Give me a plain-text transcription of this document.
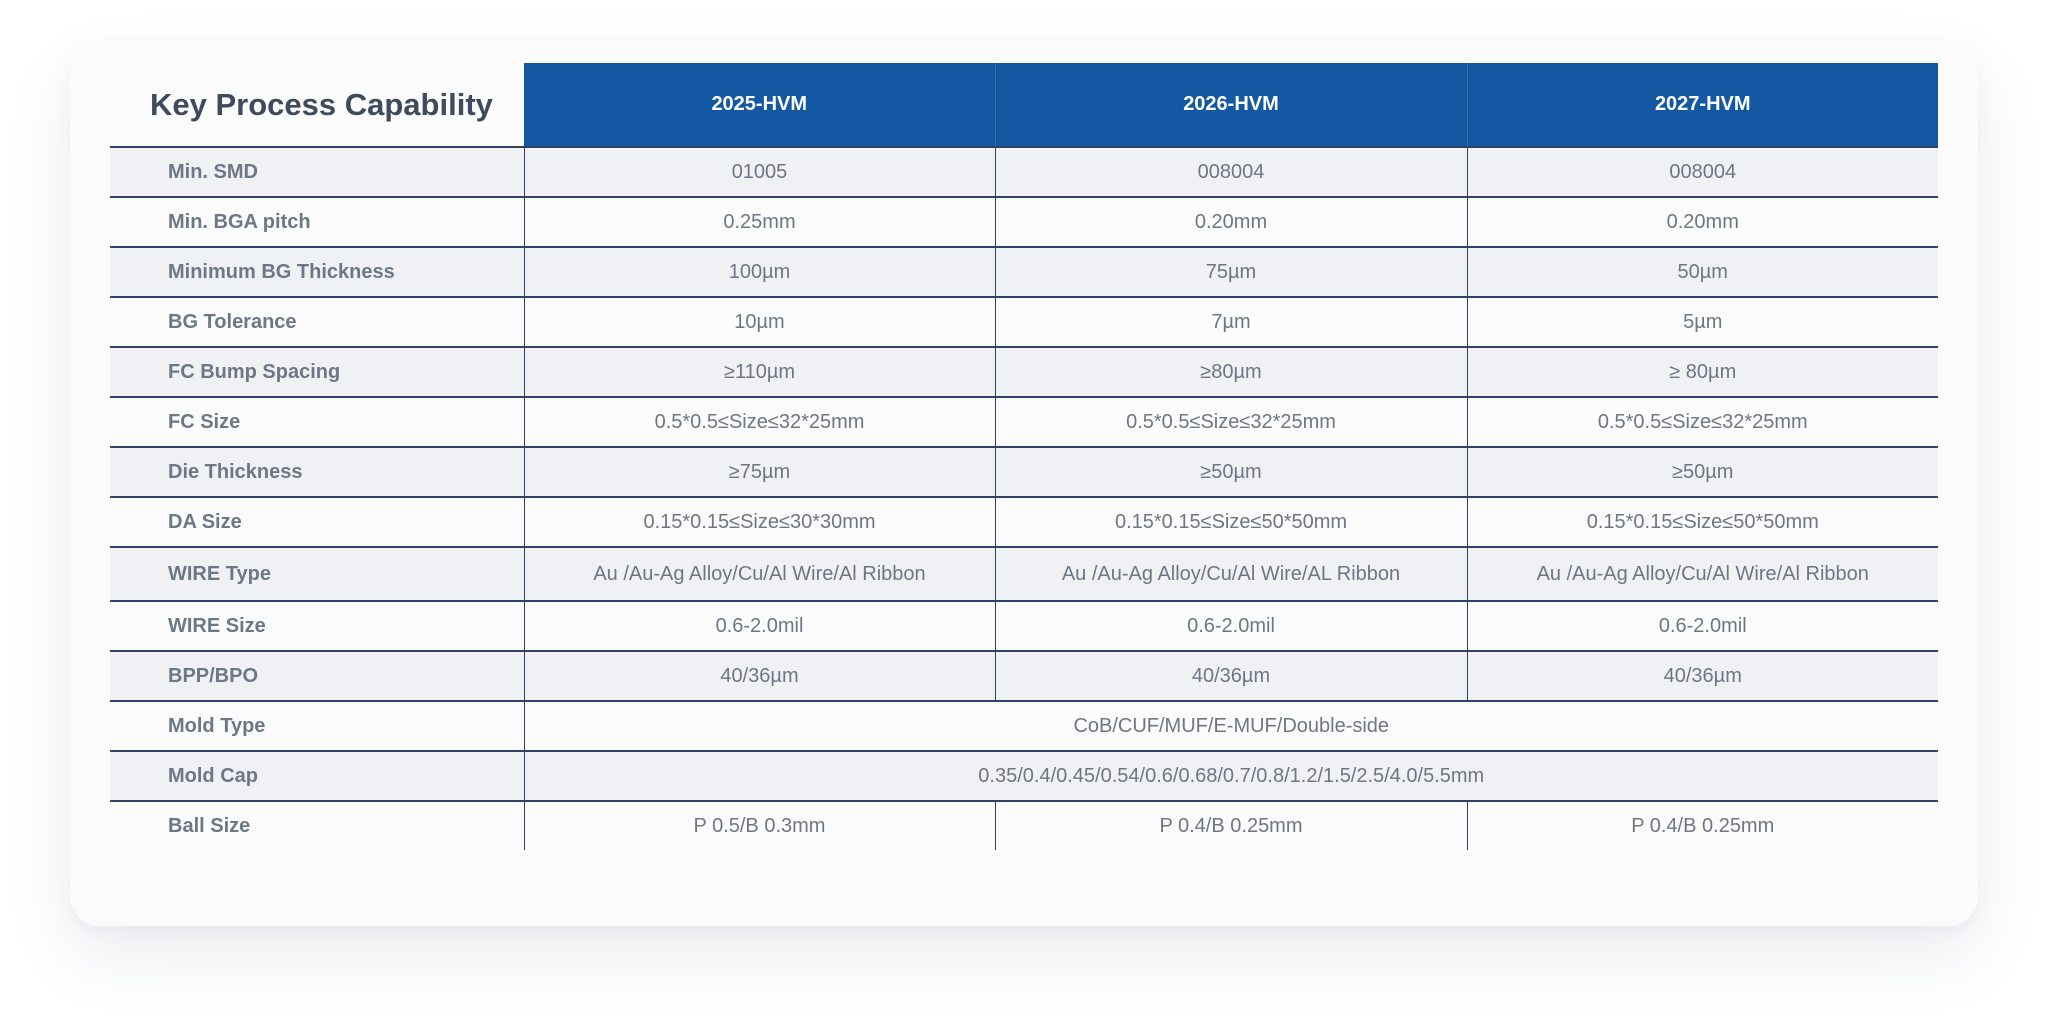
Key Process Capability	2025-HVM	2026-HVM	2027-HVM
Min. SMD	01005	008004	008004
Min. BGA pitch	0.25mm	0.20mm	0.20mm
Minimum BG Thickness	100µm	75µm	50µm
BG Tolerance	10µm	7µm	5µm
FC Bump Spacing	≥110µm	≥80µm	≥ 80µm
FC Size	0.5*0.5≤Size≤32*25mm	0.5*0.5≤Size≤32*25mm	0.5*0.5≤Size≤32*25mm
Die Thickness	≥75µm	≥50µm	≥50µm
DA Size	0.15*0.15≤Size≤30*30mm	0.15*0.15≤Size≤50*50mm	0.15*0.15≤Size≤50*50mm
WIRE Type	Au /Au-Ag Alloy/Cu/Al Wire/Al Ribbon	Au /Au-Ag Alloy/Cu/Al Wire/AL Ribbon	Au /Au-Ag Alloy/Cu/Al Wire/Al Ribbon
WIRE Size	0.6-2.0mil	0.6-2.0mil	0.6-2.0mil
BPP/BPO	40/36µm	40/36µm	40/36µm
Mold Type	CoB/CUF/MUF/E-MUF/Double-side		
Mold Cap	0.35/0.4/0.45/0.54/0.6/0.68/0.7/0.8/1.2/1.5/2.5/4.0/5.5mm		
Ball Size	P 0.5/B 0.3mm	P 0.4/B 0.25mm	P 0.4/B 0.25mm
